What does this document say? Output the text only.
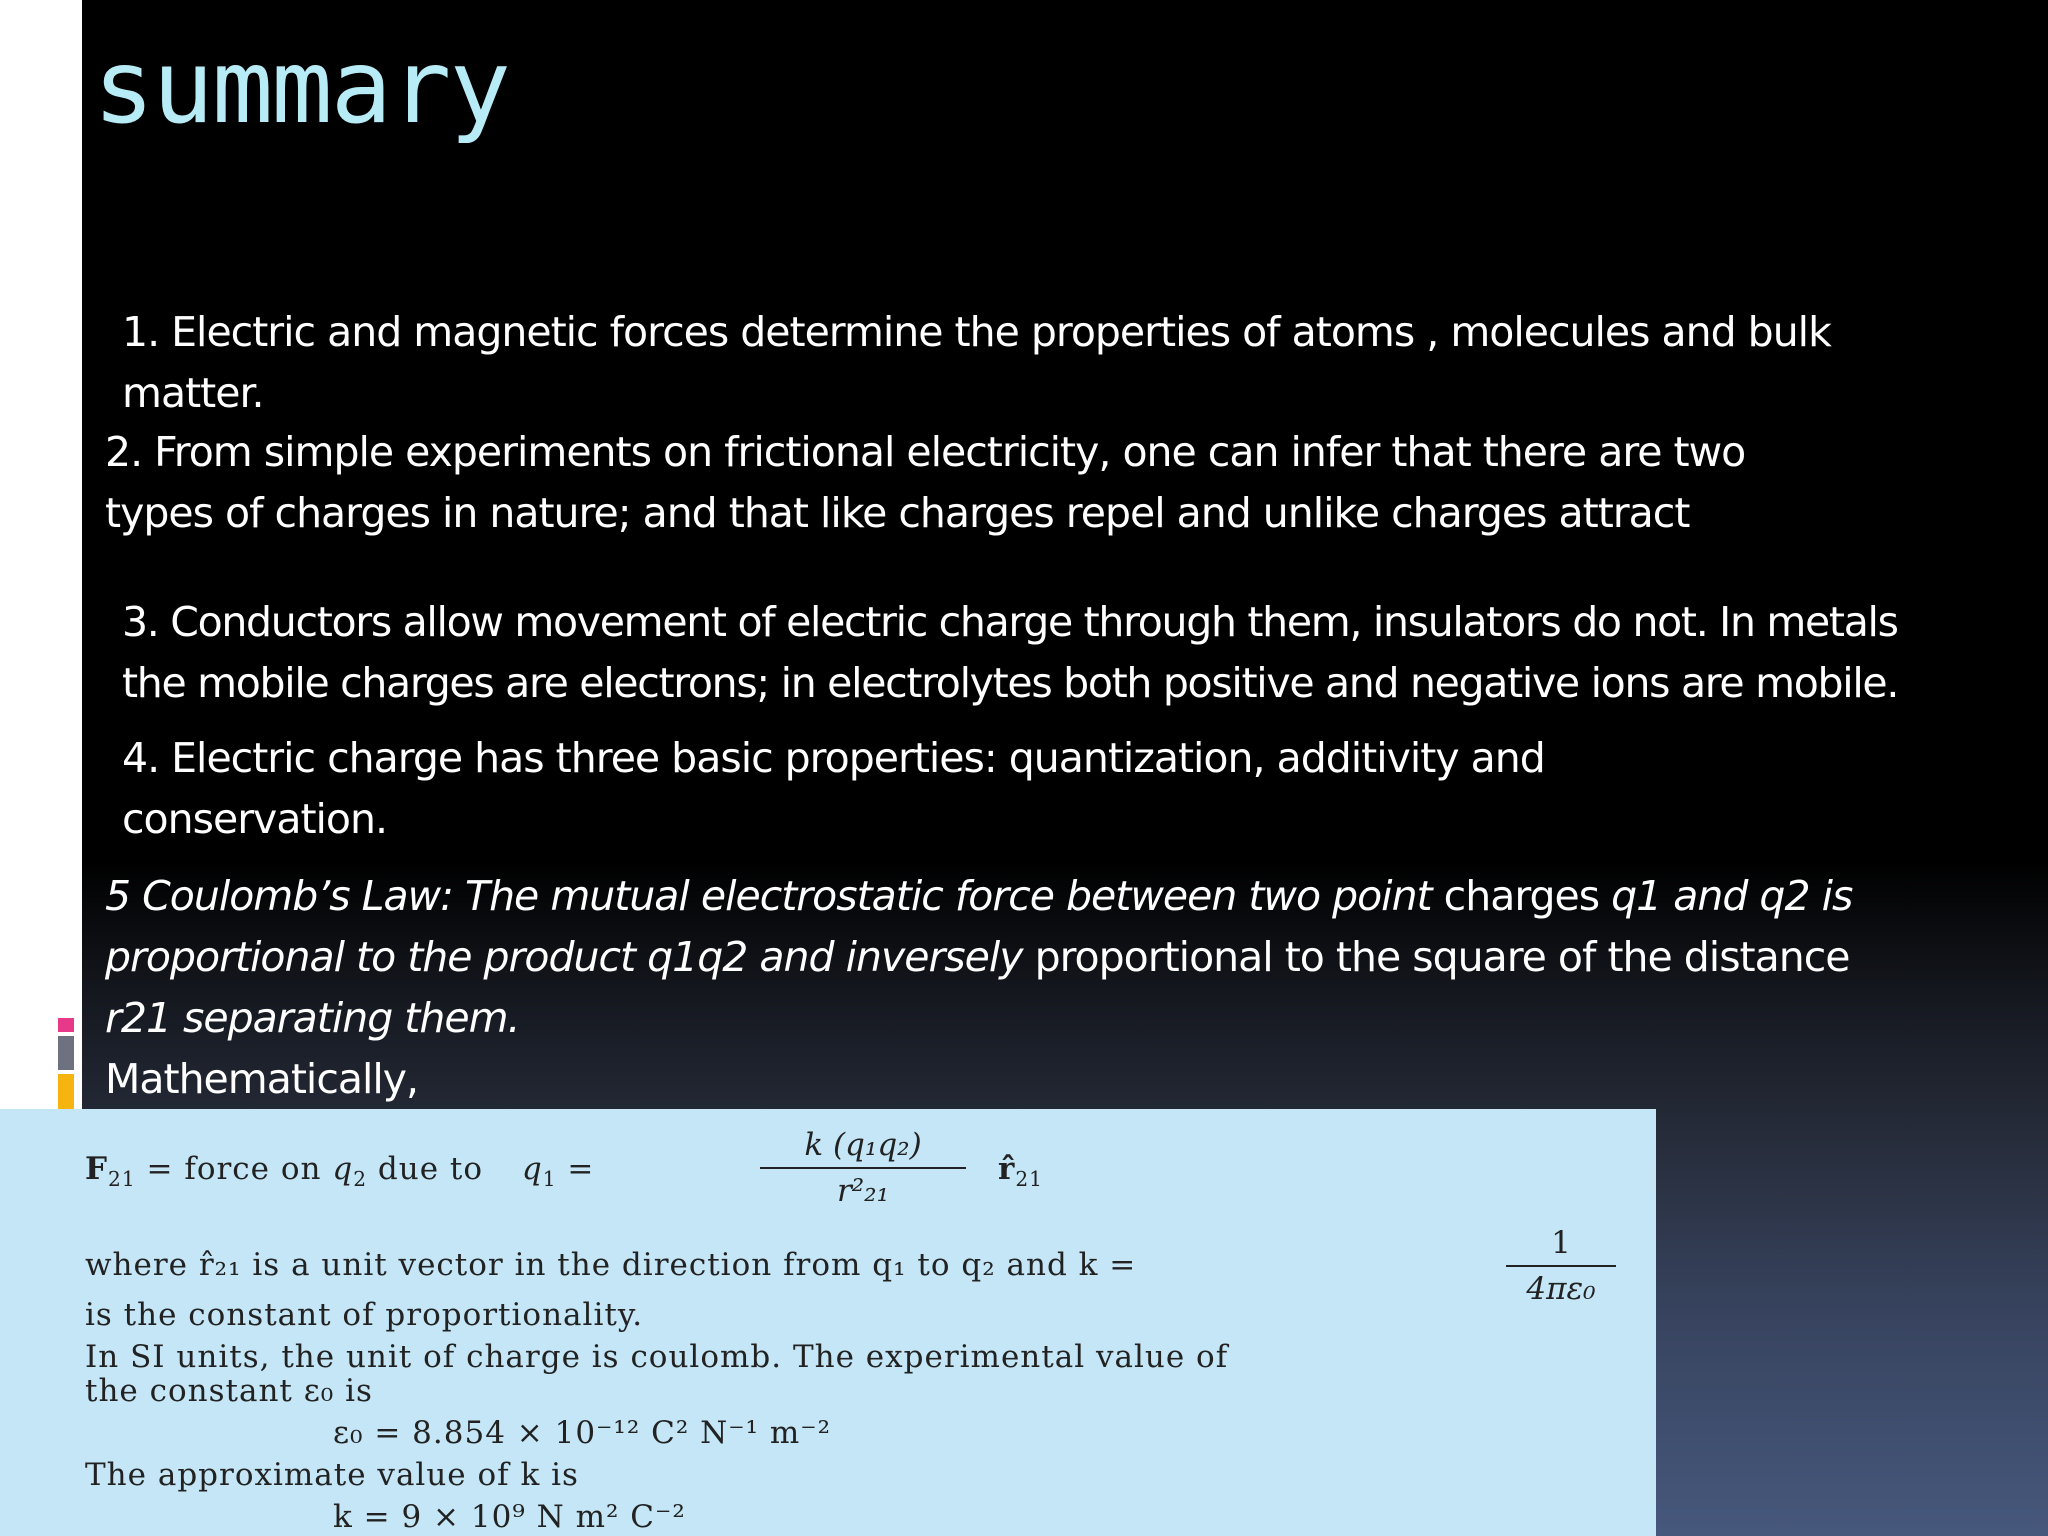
summary

1. Electric and magnetic forces determine the properties of atoms , molecules and bulk

matter.

2. From simple experiments on frictional electricity, one can infer that there are two

types of charges in nature; and that like charges repel and unlike charges attract

3. Conductors allow movement of electric charge through them, insulators do not. In metals

the mobile charges are electrons; in electrolytes both positive and negative ions are mobile.

4. Electric charge has three basic properties: quantization, additivity and

conservation.

5 Coulomb’s Law: The mutual electrostatic force between two point charges q1 and q2 is

proportional to the product q1q2 and inversely proportional to the square of the distance

r21 separating them.

Mathematically,

$F_{21}$ = force on $q_2$ due to $q_1$ =
k (q₁q₂)
r²₂₁
$r̂_{21}$
where r̂₂₁ is a unit vector in the direction from q₁ to q₂ and k =
1
4πε₀
is the constant of proportionality.
In SI units, the unit of charge is coulomb. The experimental value of
the constant ε₀ is
ε₀ = 8.854 × 10⁻¹² C² N⁻¹ m⁻²
The approximate value of k is
k = 9 × 10⁹ N m² C⁻²
